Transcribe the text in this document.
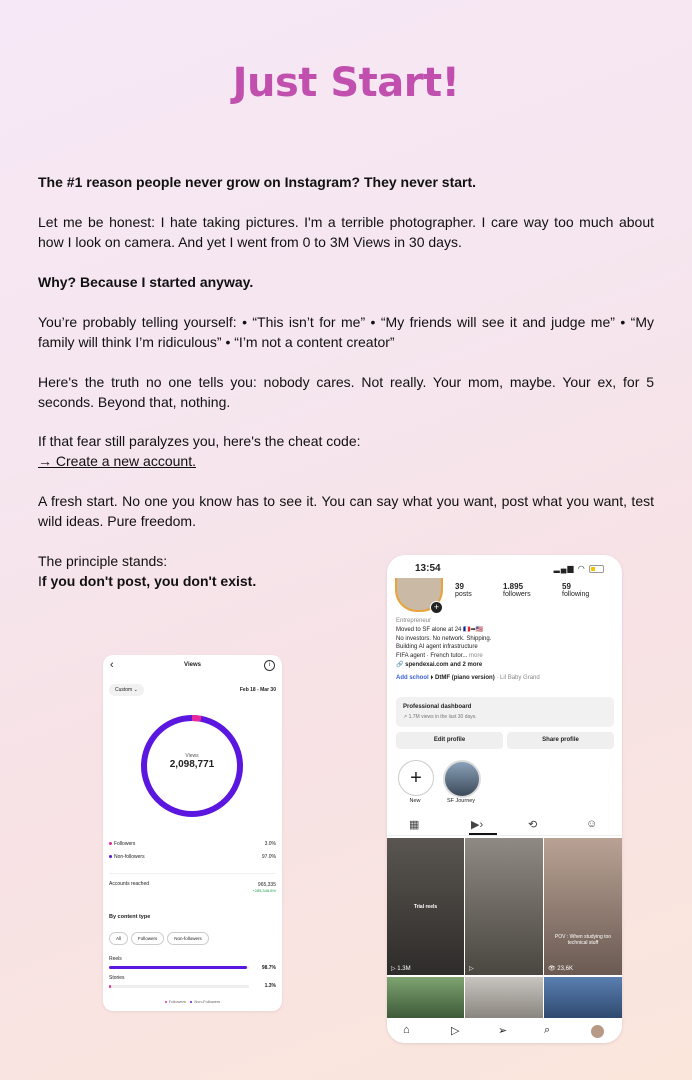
Just Start!

The #1 reason people never grow on Instagram? They never start.

Let me be honest: I hate taking pictures. I'm a terrible photographer. I care way too much about how I look on camera. And yet I went from 0 to 3M Views in 30 days.

Why? Because I started anyway.

You’re probably telling yourself: • “This isn’t for me” • “My friends will see it and judge me” • “My family will think I’m ridiculous” • “I’m not a content creator”

Here's the truth no one tells you: nobody cares. Not really. Your mom, maybe. Your ex, for 5 seconds. Beyond that, nothing.

If that fear still paralyzes you, here's the cheat code:

→ Create a new account.

A fresh start. No one you know has to see it. You can say what you want, post what you want, test wild ideas. Pure freedom.

The principle stands:

If you don't post, you don't exist.

‹	Views	i
Custom ⌄	Feb 18 - Mar 30
Views
2,098,771
Followers	3.0%
Non-followers	97.0%
Accounts reached	965,335
+285,348.8%
By content type
All	Followers	Non-followers
Reels
98.7%
Stories
1.3%
Followers Non-Followers
13:54	▂▄▆ ◠
+
39
posts
1.895
followers
59
following
Entrepreneur
Moved to SF alone at 24 🇫🇷➡🇺🇸
No investors. No network. Shipping.
Building AI agent infrastructure
FIFA agent · French tutor... more
🔗 spendexai.com and 2 more
Add school ⏵ DtMF (piano version) · Lil Baby Grand
Professional dashboard
↗ 1.7M views in the last 30 days.
Edit profile	Share profile
+
New	SF Journey
▦	▶›	⟲	☺
Trial reels
▷ 1.3M	▷
POV : When studying too technical stuff
👁 23,6K
⌂	▷	➢	⌕
